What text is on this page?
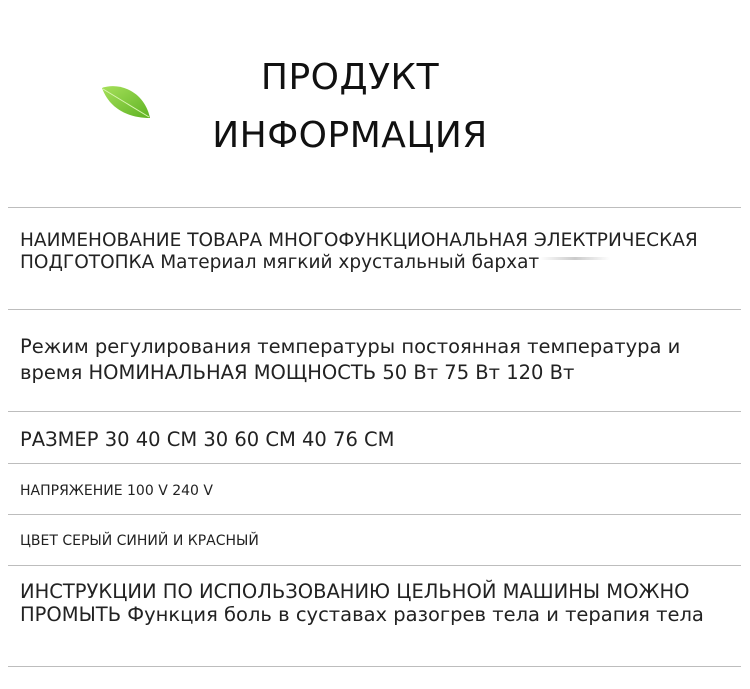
ПРОДУКТ
ИНФОРМАЦИЯ
НАИМЕНОВАНИЕ ТОВАРА МНОГОФУНКЦИОНАЛЬНАЯ ЭЛЕКТРИЧЕСКАЯ ПОДГОТОПКА Материал мягкий хрустальный бархат
Режим регулирования температуры постоянная температура и время НОМИНАЛЬНАЯ МОЩНОСТЬ 50 Вт 75 Вт 120 Вт
РАЗМЕР 30 40 СМ 30 60 СМ 40 76 СМ
НАПРЯЖЕНИЕ 100 V 240 V
ЦВЕТ СЕРЫЙ СИНИЙ И КРАСНЫЙ
ИНСТРУКЦИИ ПО ИСПОЛЬЗОВАНИЮ ЦЕЛЬНОЙ МАШИНЫ МОЖНО ПРОМЫТЬ Функция боль в суставах разогрев тела и терапия тела
